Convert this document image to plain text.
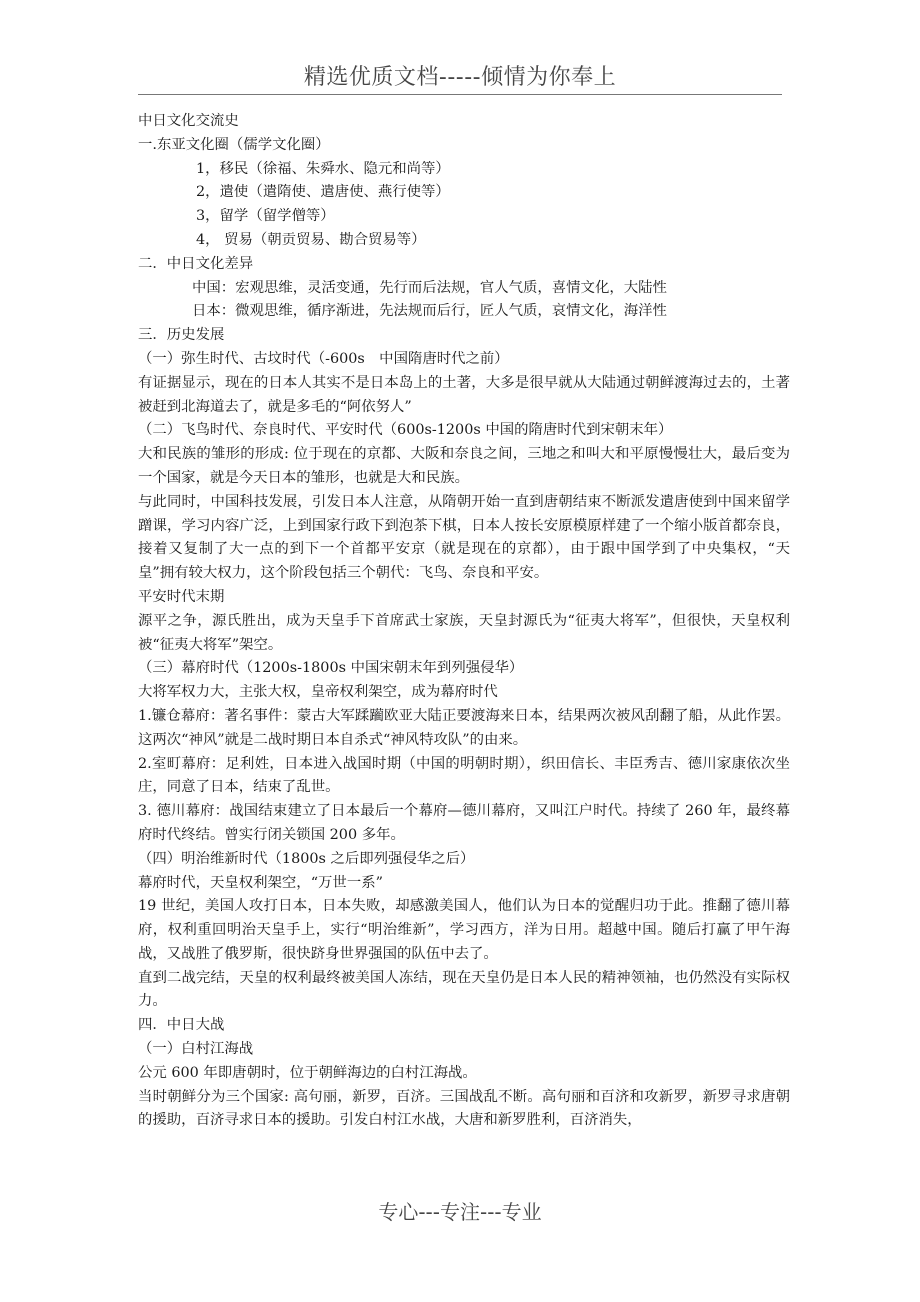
精选优质文档-----倾情为你奉上

中日文化交流史

一.东亚文化圈（儒学文化圈）

1，移民（徐福、朱舜水、隐元和尚等）

2，遣使（遣隋使、遣唐使、燕行使等）

3，留学（留学僧等）

4， 贸易（朝贡贸易、勘合贸易等）

二．中日文化差异

中国：宏观思维，灵活变通，先行而后法规，官人气质，喜情文化，大陆性

日本：微观思维，循序渐进，先法规而后行，匠人气质，哀情文化，海洋性

三．历史发展

（一）弥生时代、古坟时代（-600s　中国隋唐时代之前）

有证据显示，现在的日本人其实不是日本岛上的土著，大多是很早就从大陆通过朝鲜渡海过去的，土著被赶到北海道去了，就是多毛的“阿依努人”

（二）飞鸟时代、奈良时代、平安时代（600s-1200s 中国的隋唐时代到宋朝末年）

大和民族的雏形的形成: 位于现在的京都、大阪和奈良之间，三地之和叫大和平原慢慢壮大，最后变为一个国家，就是今天日本的雏形，也就是大和民族。

与此同时，中国科技发展，引发日本人注意，从隋朝开始一直到唐朝结束不断派发遣唐使到中国来留学蹭课，学习内容广泛，上到国家行政下到泡茶下棋，日本人按长安原模原样建了一个缩小版首都奈良，接着又复制了大一点的到下一个首都平安京（就是现在的京都），由于跟中国学到了中央集权，“天皇”拥有较大权力，这个阶段包括三个朝代：飞鸟、奈良和平安。

平安时代末期

源平之争，源氏胜出，成为天皇手下首席武士家族，天皇封源氏为“征夷大将军”，但很快，天皇权利被“征夷大将军”架空。

（三）幕府时代（1200s-1800s 中国宋朝末年到列强侵华）

大将军权力大，主张大权，皇帝权利架空，成为幕府时代

1.镰仓幕府：著名事件：蒙古大军蹂躏欧亚大陆正要渡海来日本，结果两次被风刮翻了船，从此作罢。这两次“神风”就是二战时期日本自杀式“神风特攻队”的由来。

2.室町幕府：足利姓，日本进入战国时期（中国的明朝时期），织田信长、丰臣秀吉、德川家康依次坐庄，同意了日本，结束了乱世。

3. 德川幕府：战国结束建立了日本最后一个幕府—德川幕府，又叫江户时代。持续了 260 年，最终幕府时代终结。曾实行闭关锁国 200 多年。

（四）明治维新时代（1800s 之后即列强侵华之后）

幕府时代，天皇权利架空，“万世一系”

19 世纪，美国人攻打日本，日本失败，却感激美国人，他们认为日本的觉醒归功于此。推翻了德川幕府，权利重回明治天皇手上，实行“明治维新”，学习西方，洋为日用。超越中国。随后打赢了甲午海战，又战胜了俄罗斯，很快跻身世界强国的队伍中去了。

直到二战完结，天皇的权利最终被美国人冻结，现在天皇仍是日本人民的精神领袖，也仍然没有实际权力。

四．中日大战

（一）白村江海战

公元 600 年即唐朝时，位于朝鲜海边的白村江海战。

当时朝鲜分为三个国家: 高句丽，新罗，百济。三国战乱不断。高句丽和百济和攻新罗，新罗寻求唐朝的援助，百济寻求日本的援助。引发白村江水战，大唐和新罗胜利，百济消失，

专心---专注---专业
